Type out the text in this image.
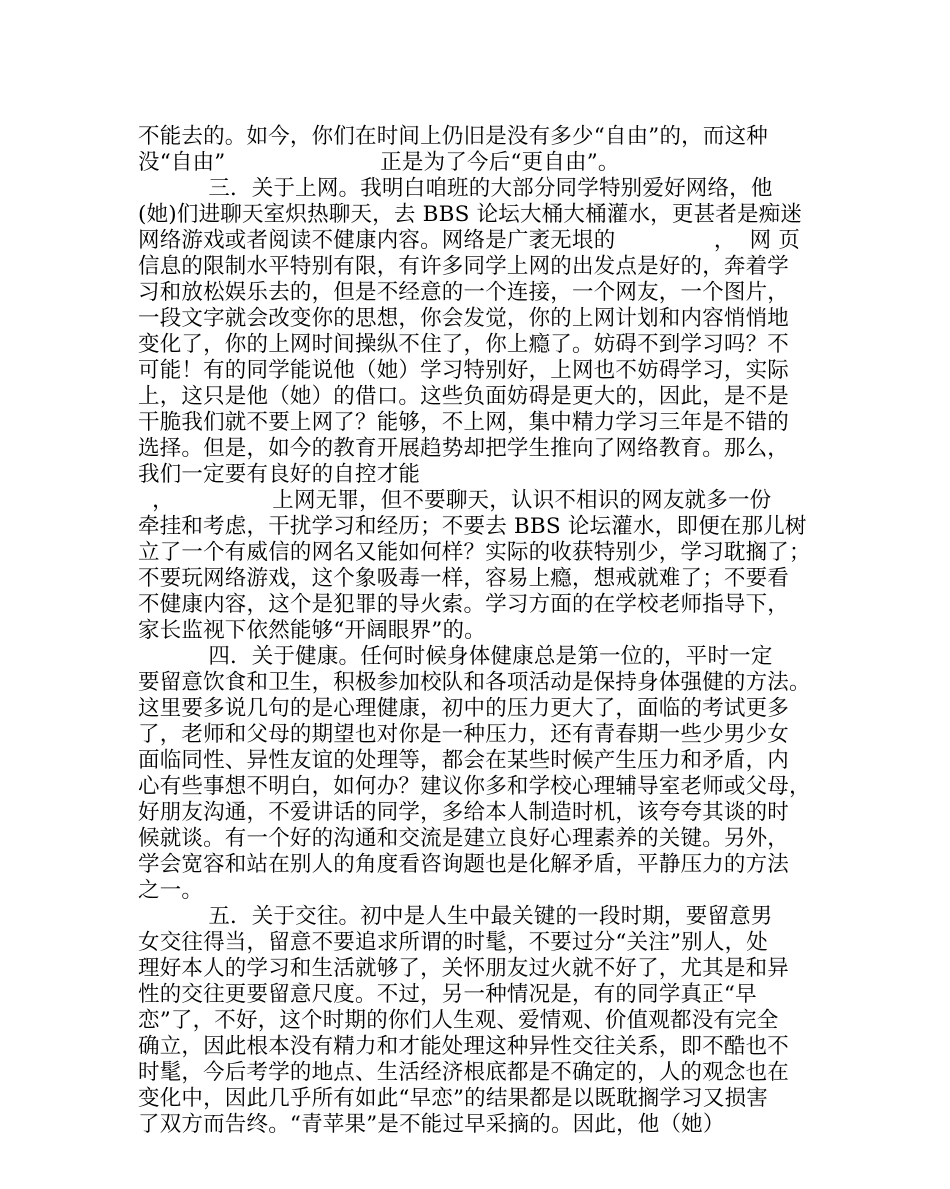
不能去的。如今，你们在时间上仍旧是没有多少“自由”的，而这种
没“自由”                      正是为了今后“更自由”。
三．关于上网。我明白咱班的大部分同学特别爱好网络，他
(她)们进聊天室炽热聊天，去 BBS 论坛大桶大桶灌水，更甚者是痴迷
网络游戏或者阅读不健康内容。网络是广袤无垠的              ，  网 页
信息的限制水平特别有限，有许多同学上网的出发点是好的，奔着学
习和放松娱乐去的，但是不经意的一个连接，一个网友，一个图片，
一段文字就会改变你的思想，你会发觉，你的上网计划和内容悄悄地
变化了，你的上网时间操纵不住了，你上瘾了。妨碍不到学习吗？不
可能！有的同学能说他（她）学习特别好，上网也不妨碍学习，实际
上，这只是他（她）的借口。这些负面妨碍是更大的，因此，是不是
干脆我们就不要上网了？能够，不上网，集中精力学习三年是不错的
选择。但是，如今的教育开展趋势却把学生推向了网络教育。那么，
我们一定要有良好的自控才能
，              上网无罪，但不要聊天，认识不相识的网友就多一份
牵挂和考虑，干扰学习和经历；不要去 BBS 论坛灌水，即便在那儿树
立了一个有威信的网名又能如何样？实际的收获特别少，学习耽搁了；
不要玩网络游戏，这个象吸毒一样，容易上瘾，想戒就难了；不要看
不健康内容，这个是犯罪的导火索。学习方面的在学校老师指导下，
家长监视下依然能够“开阔眼界”的。
四．关于健康。任何时候身体健康总是第一位的，平时一定
要留意饮食和卫生，积极参加校队和各项活动是保持身体强健的方法。
这里要多说几句的是心理健康，初中的压力更大了，面临的考试更多
了，老师和父母的期望也对你是一种压力，还有青春期一些少男少女
面临同性、异性友谊的处理等，都会在某些时候产生压力和矛盾，内
心有些事想不明白，如何办？建议你多和学校心理辅导室老师或父母，
好朋友沟通，不爱讲话的同学，多给本人制造时机，该夸夸其谈的时
候就谈。有一个好的沟通和交流是建立良好心理素养的关键。另外，
学会宽容和站在别人的角度看咨询题也是化解矛盾，平静压力的方法
之一。
五．关于交往。初中是人生中最关键的一段时期，要留意男
女交往得当，留意不要追求所谓的时髦，不要过分“关注”别人，处
理好本人的学习和生活就够了，关怀朋友过火就不好了，尤其是和异
性的交往更要留意尺度。不过，另一种情况是，有的同学真正“早
恋”了，不好，这个时期的你们人生观、爱情观、价值观都没有完全
确立，因此根本没有精力和才能处理这种异性交往关系，即不酷也不
时髦，今后考学的地点、生活经济根底都是不确定的，人的观念也在
变化中，因此几乎所有如此“早恋”的结果都是以既耽搁学习又损害
了双方而告终。“青苹果”是不能过早采摘的。因此，他（她）
